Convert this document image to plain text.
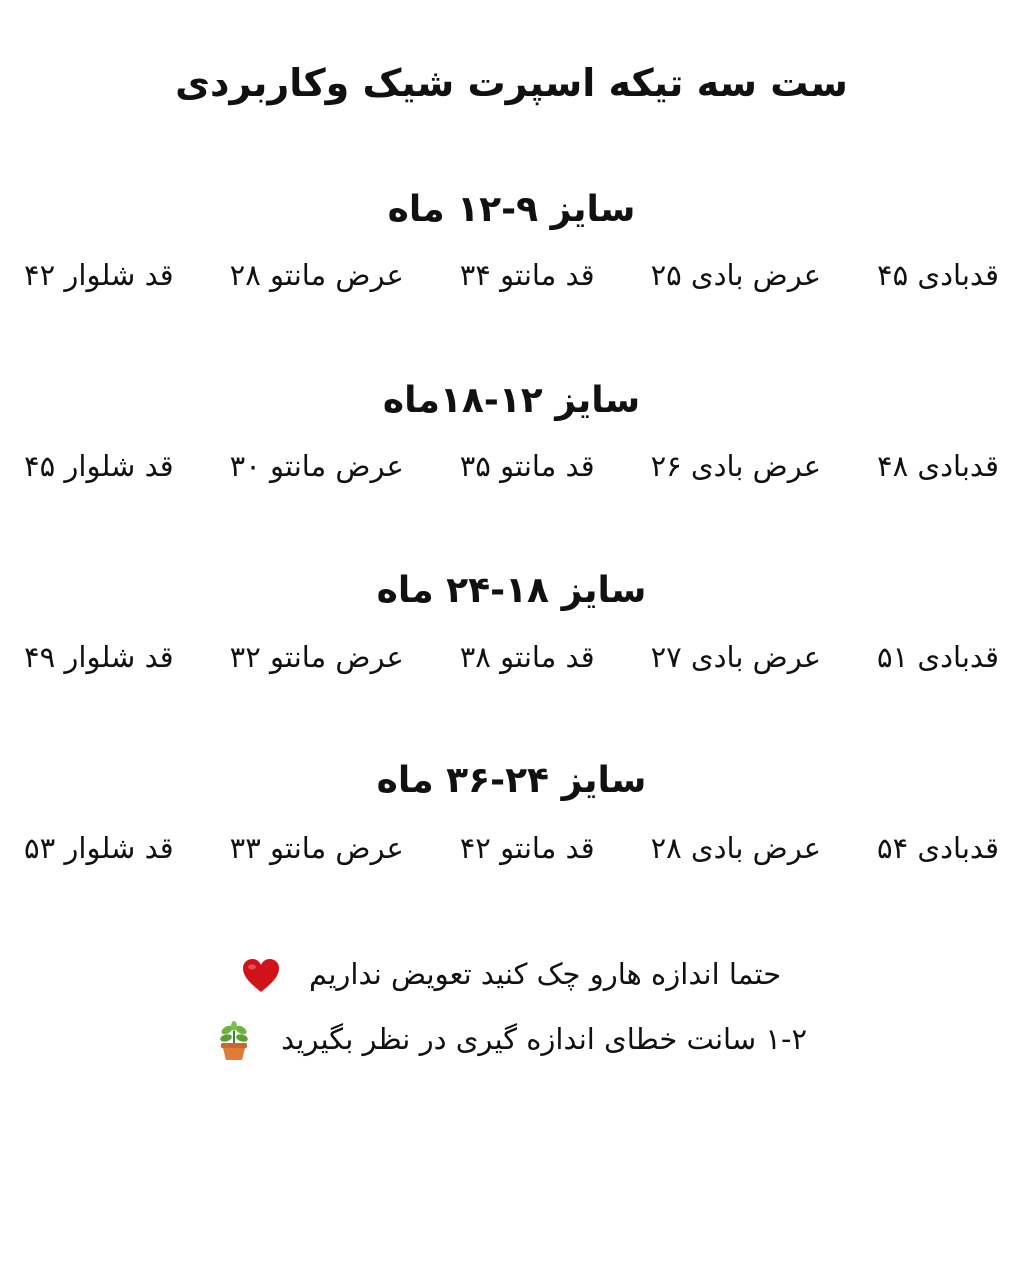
ست سه تیکه اسپرت شیک وکاربردی
سایز ۹-۱۲ ماه
قدبادی ۴۵
عرض بادی ۲۵
قد مانتو ۳۴
عرض مانتو ۲۸
قد شلوار ۴۲
سایز ۱۲-۱۸ماه
قدبادی ۴۸
عرض بادی ۲۶
قد مانتو ۳۵
عرض مانتو ۳۰
قد شلوار ۴۵
سایز ۱۸-۲۴ ماه
قدبادی ۵۱
عرض بادی ۲۷
قد مانتو ۳۸
عرض مانتو ۳۲
قد شلوار ۴۹
سایز ۲۴-۳۶ ماه
قدبادی ۵۴
عرض بادی ۲۸
قد مانتو ۴۲
عرض مانتو ۳۳
قد شلوار ۵۳
حتما اندازه هارو چک کنید تعویض نداریم
۱-۲ سانت خطای اندازه گیری در نظر بگیرید
